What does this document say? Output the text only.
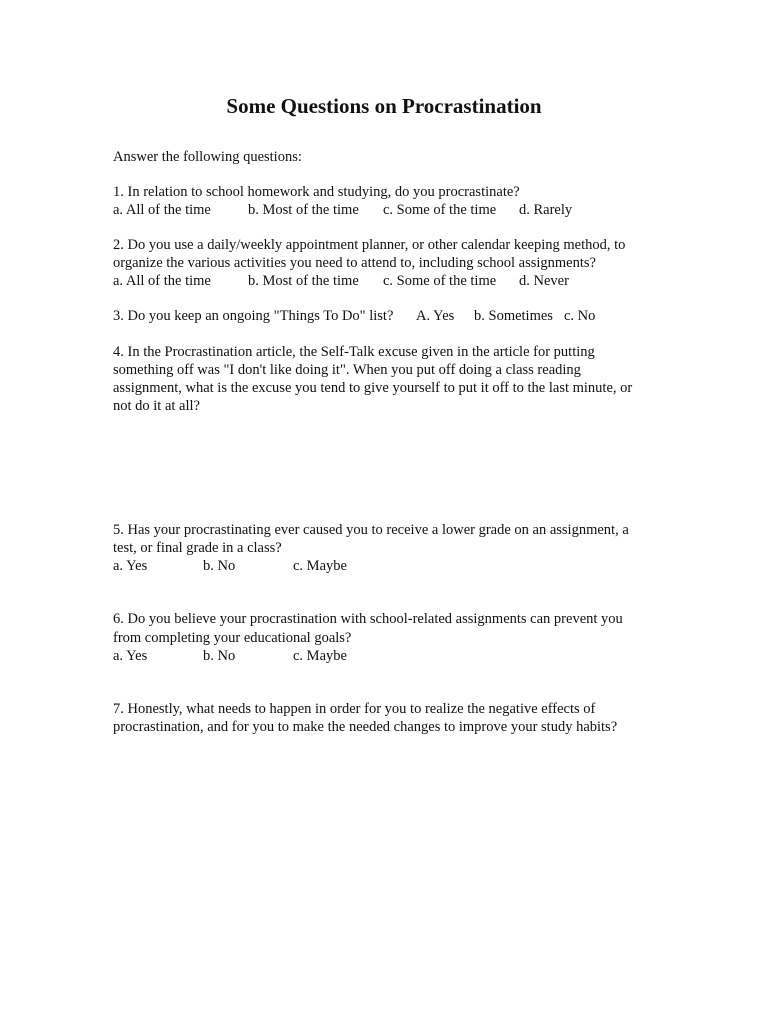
Some Questions on Procrastination
Answer the following questions:
1. In relation to school homework and studying, do you procrastinate?
a. All of the time	b. Most of the time c. Some of the time d. Rarely
2. Do you use a daily/weekly appointment planner, or other calendar keeping method, to
organize the various activities you need to attend to, including school assignments?
a. All of the time	b. Most of the time c. Some of the time d. Never
3. Do you keep an ongoing "Things To Do" list? A. Yes b. Sometimes c. No
4. In the Procrastination article, the Self-Talk excuse given in the article for putting
something off was "I don't like doing it". When you put off doing a class reading
assignment, what is the excuse you tend to give yourself to put it off to the last minute, or
not do it at all?
5. Has your procrastinating ever caused you to receive a lower grade on an assignment, a
test, or final grade in a class?
a. Yes	b. No	c. Maybe
6. Do you believe your procrastination with school-related assignments can prevent you
from completing your educational goals?
a. Yes	b. No	c. Maybe
7. Honestly, what needs to happen in order for you to realize the negative effects of
procrastination, and for you to make the needed changes to improve your study habits?
